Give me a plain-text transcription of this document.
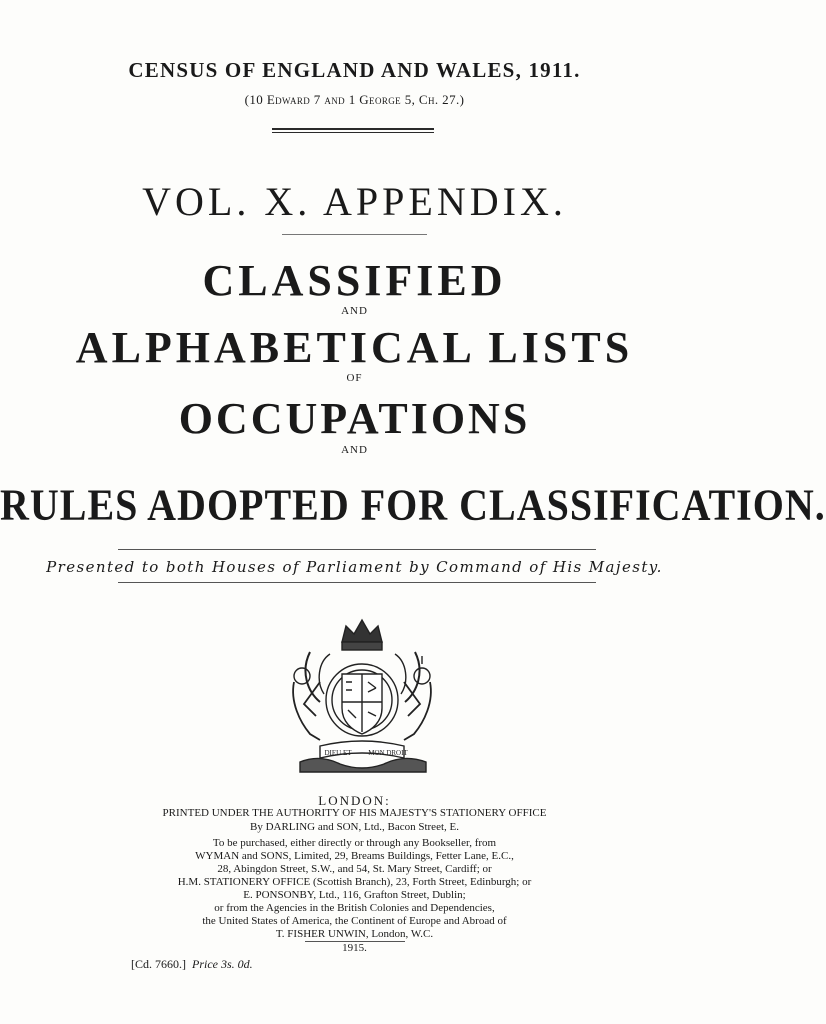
CENSUS OF ENGLAND AND WALES, 1911.
(10 Edward 7 and 1 George 5, Ch. 27.)
VOL. X. APPENDIX.
CLASSIFIED
AND
ALPHABETICAL LISTS
OF
OCCUPATIONS
AND
RULES ADOPTED FOR CLASSIFICATION.
Presented to both Houses of Parliament by Command of His Majesty.
DIEU ET MON DROIT
LONDON:
PRINTED UNDER THE AUTHORITY OF HIS MAJESTY'S STATIONERY OFFICE
By DARLING and SON, Ltd., Bacon Street, E.
To be purchased, either directly or through any Bookseller, from
WYMAN and SONS, Limited, 29, Breams Buildings, Fetter Lane, E.C.,
28, Abingdon Street, S.W., and 54, St. Mary Street, Cardiff; or
H.M. STATIONERY OFFICE (Scottish Branch), 23, Forth Street, Edinburgh; or
E. PONSONBY, Ltd., 116, Grafton Street, Dublin;
or from the Agencies in the British Colonies and Dependencies,
the United States of America, the Continent of Europe and Abroad of
T. FISHER UNWIN, London, W.C.
1915.
[Cd. 7660.] Price 3s. 0d.
